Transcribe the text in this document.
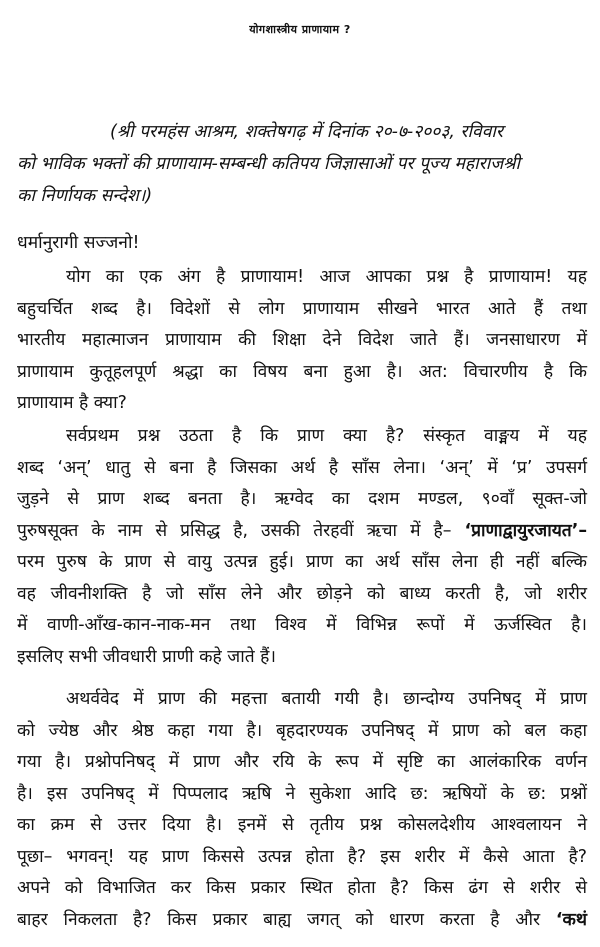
योगशास्त्रीय प्राणायाम ?
(श्री परमहंस आश्रम, शक्तेषगढ़ में दिनांक २०-७-२००३, रविवार
को भाविक भक्तों की प्राणायाम-सम्बन्धी कतिपय जिज्ञासाओं पर पूज्य महाराजश्री
का निर्णायक सन्देश।)
धर्मानुरागी सज्जनो!
योग का एक अंग है प्राणायाम! आज आपका प्रश्न है प्राणायाम! यह
बहुचर्चित शब्द है। विदेशों से लोग प्राणायाम सीखने भारत आते हैं तथा
भारतीय महात्माजन प्राणायाम की शिक्षा देने विदेश जाते हैं। जनसाधारण में
प्राणायाम कुतूहलपूर्ण श्रद्धा का विषय बना हुआ है। अत: विचारणीय है कि
प्राणायाम है क्या?
सर्वप्रथम प्रश्न उठता है कि प्राण क्या है? संस्कृत वाङ्मय में यह
शब्द ‘अन्’ धातु से बना है जिसका अर्थ है साँस लेना। ‘अन्’ में ‘प्र’ उपसर्ग
जुड़ने से प्राण शब्द बनता है। ऋग्वेद का दशम मण्डल, ९०वाँ सूक्त-जो
पुरुषसूक्त के नाम से प्रसिद्ध है, उसकी तेरहवीं ऋचा में है– ‘प्राणाद्वायुरजायत’–
परम पुरुष के प्राण से वायु उत्पन्न हुई। प्राण का अर्थ साँस लेना ही नहीं बल्कि
वह जीवनीशक्ति है जो साँस लेने और छोड़ने को बाध्य करती है, जो शरीर
में वाणी-आँख-कान-नाक-मन तथा विश्व में विभिन्न रूपों में ऊर्जस्वित है।
इसलिए सभी जीवधारी प्राणी कहे जाते हैं।
अथर्ववेद में प्राण की महत्ता बतायी गयी है। छान्दोग्य उपनिषद् में प्राण
को ज्येष्ठ और श्रेष्ठ कहा गया है। बृहदारण्यक उपनिषद् में प्राण को बल कहा
गया है। प्रश्नोपनिषद् में प्राण और रयि के रूप में सृष्टि का आलंकारिक वर्णन
है। इस उपनिषद् में पिप्पलाद ऋषि ने सुकेशा आदि छ: ऋषियों के छ: प्रश्नों
का क्रम से उत्तर दिया है। इनमें से तृतीय प्रश्न कोसलदेशीय आश्वलायन ने
पूछा– भगवन्! यह प्राण किससे उत्पन्न होता है? इस शरीर में कैसे आता है?
अपने को विभाजित कर किस प्रकार स्थित होता है? किस ढंग से शरीर से
बाहर निकलता है? किस प्रकार बाह्य जगत् को धारण करता है और ‘कथं
